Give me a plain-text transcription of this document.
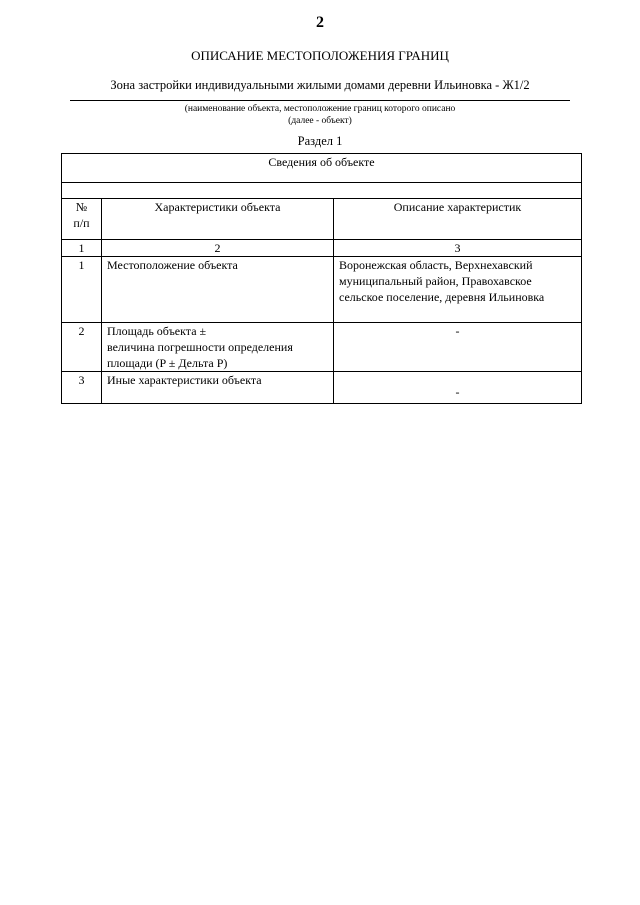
2
ОПИСАНИЕ МЕСТОПОЛОЖЕНИЯ ГРАНИЦ
Зона застройки индивидуальными жилыми домами деревни Ильиновка - Ж1/2
(наименование объекта, местоположение границ которого описано
(далее - объект)
Раздел 1
Сведения об объекте		

№
п/п	Характеристики объекта	Описание характеристик
1	2	3
1	Местоположение объекта	Воронежская область, Верхнехавский
муниципальный район, Правохавское
сельское поселение, деревня Ильиновка

2	Площадь объекта ±
величина погрешности определения
площади (P ± Дельта P)	-
3	Иные характеристики объекта	-
